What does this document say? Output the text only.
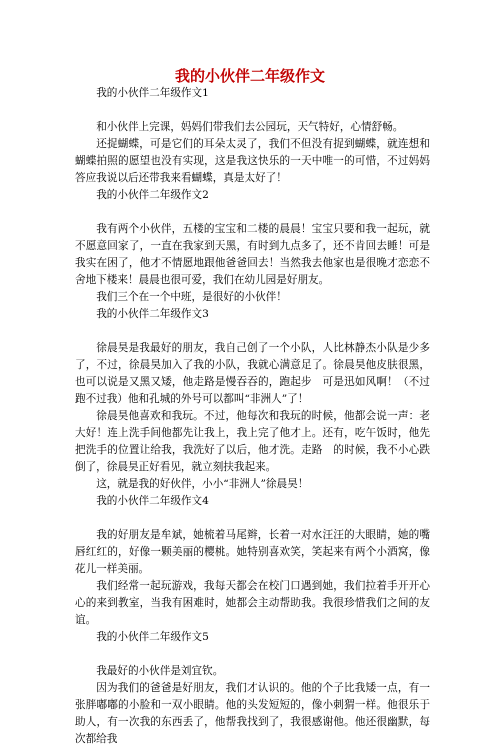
我的小伙伴二年级作文

我的小伙伴二年级作文1

和小伙伴上完课，妈妈们带我们去公园玩，天气特好，心情舒畅。

还捉蝴蝶，可是它们的耳朵太灵了，我们不但没有捉到蝴蝶，就连想和蝴蝶拍照的愿望也没有实现，这是我这快乐的一天中唯一的可惜，不过妈妈答应我说以后还带我来看蝴蝶，真是太好了！

我的小伙伴二年级作文2

我有两个小伙伴，五楼的宝宝和二楼的晨晨！宝宝只要和我一起玩，就不愿意回家了，一直在我家到天黑，有时到九点多了，还不肯回去睡！可是我实在困了，他才不情愿地跟他爸爸回去！当然我去他家也是很晚才恋恋不舍地下楼来！晨晨也很可爱，我们在幼儿园是好朋友。

我们三个在一个中班，是很好的小伙伴！

我的小伙伴二年级作文3

徐晨昊是我最好的朋友，我自己创了一个小队，人比林静杰小队是少多了，不过，徐晨昊加入了我的小队，我就心满意足了。徐晨昊他皮肤很黑，也可以说是又黑又矮，他走路是慢吞吞的，跑起步　可是迅如风啊！（不过跑不过我）他和孔城的外号可以都叫“非洲人”了！

徐晨昊他喜欢和我玩。不过，他每次和我玩的时候，他都会说一声：老大好！连上洗手间他都先让我上，我上完了他才上。还有，吃午饭时，他先把洗手的位置让给我，我洗好了以后，他才洗。走路　的时候，我不小心跌倒了，徐晨昊正好看见，就立刻扶我起来。

这，就是我的好伙伴，小小“非洲人”徐晨昊！

我的小伙伴二年级作文4

我的好朋友是牟斌，她梳着马尾辫，长着一对水汪汪的大眼睛，她的嘴唇红红的，好像一颗美丽的樱桃。她特别喜欢笑，笑起来有两个小酒窝，像花儿一样美丽。

我们经常一起玩游戏，我每天都会在校门口遇到她，我们拉着手开开心心的来到教室，当我有困难时，她都会主动帮助我。我很珍惜我们之间的友谊。

我的小伙伴二年级作文5

我最好的小伙伴是刘宜钦。

因为我们的爸爸是好朋友，我们才认识的。他的个子比我矮一点，有一张胖嘟嘟的小脸和一双小眼睛。他的头发短短的，像小刺猬一样。他很乐于助人，有一次我的东西丢了，他帮我找到了，我很感谢他。他还很幽默，每次都给我
